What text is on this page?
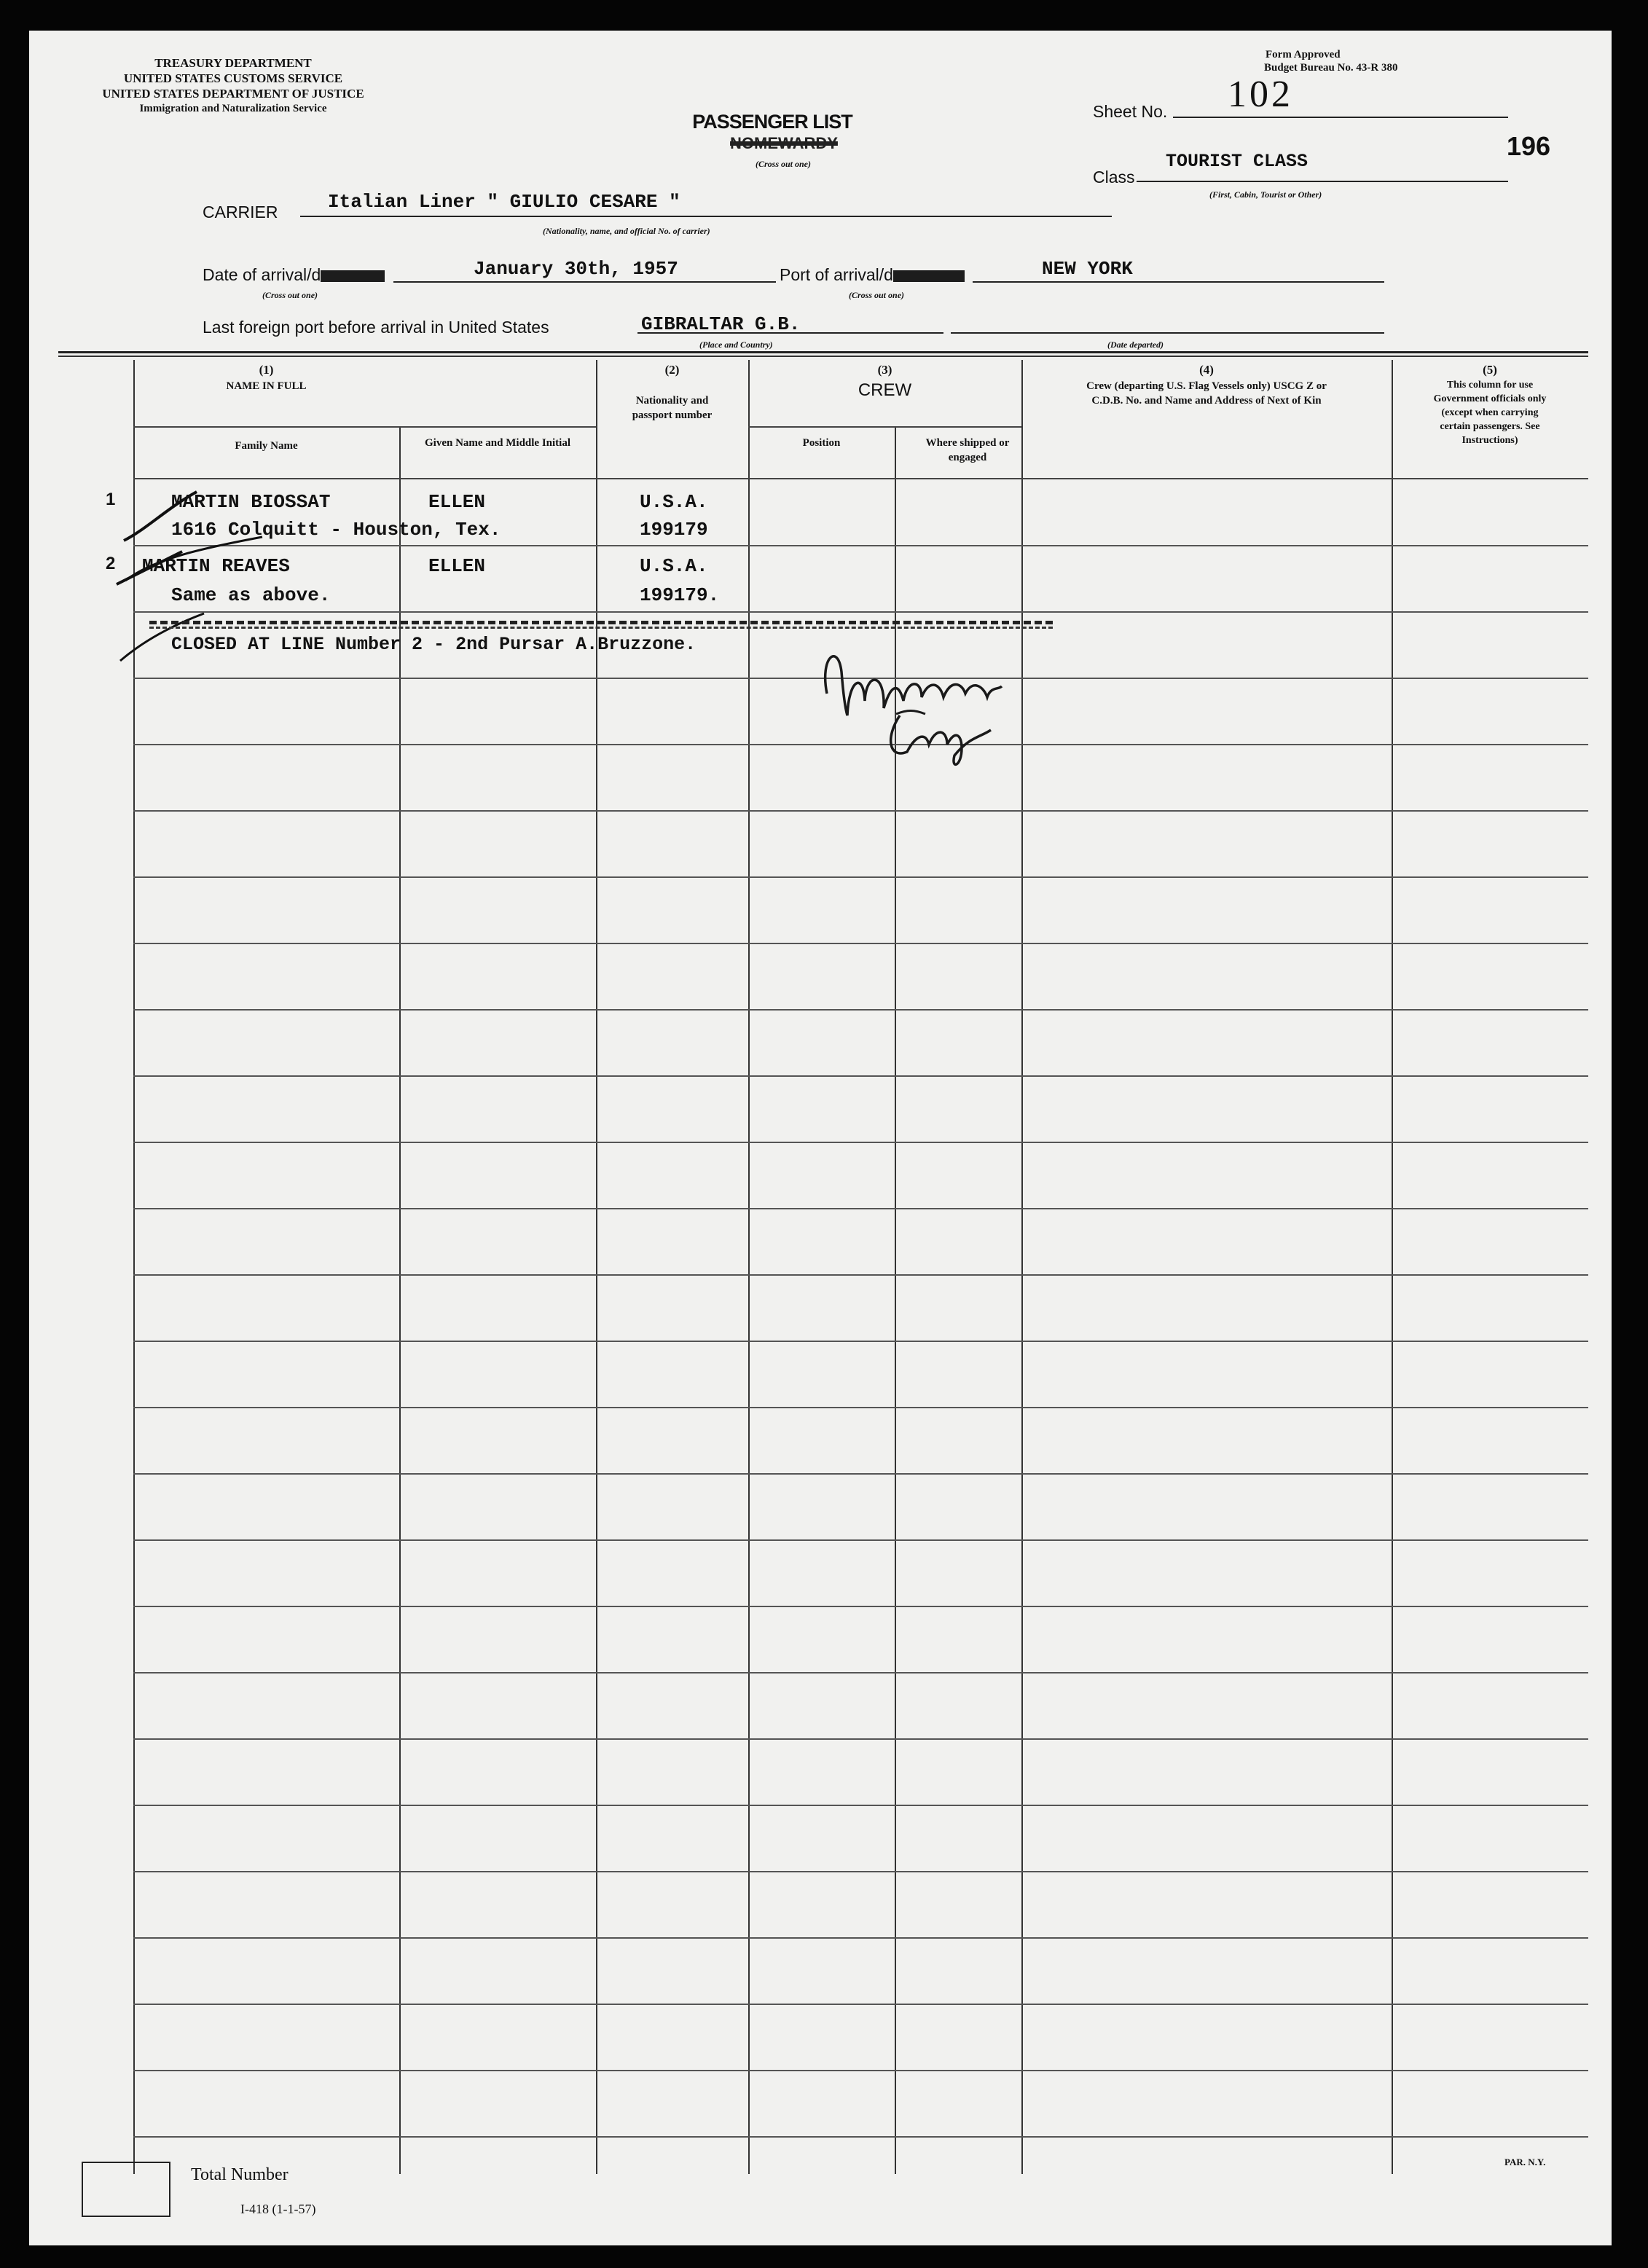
TREASURY DEPARTMENT
UNITED STATES CUSTOMS SERVICE
UNITED STATES DEPARTMENT OF JUSTICE
Immigration and Naturalization Service
PASSENGER LIST
NOMEWARDY
(Cross out one)
Form Approved
Budget Bureau No. 43-R 380
Sheet No. 102
196
Class
TOURIST CLASS
(First, Cabin, Tourist or Other)
CARRIER	Italian Liner " GIULIO CESARE "
(Nationality, name, and official No. of carrier)
Date of arrival/d	January 30th, 1957
(Cross out one)
Port of arrival/d	NEW YORK
(Cross out one)
Last foreign port before arrival in United States	GIBRALTAR G.B.
(Place and Country)	(Date departed)
(1)
NAME IN FULL
Family Name	Given Name and Middle Initial
(2)
Nationality and passport number
(3)
CREW
Position	Where shipped or engaged
(4)
Crew (departing U.S. Flag Vessels only) USCG Z or C.D.B. No. and Name and Address of Next of Kin
(5)
This column for use Government officials only (except when carrying certain passengers. See Instructions)
1	MARTIN BIOSSAT	ELLEN	U.S.A.
199179
1616 Colquitt - Houston, Tex.
2 MARTIN REAVES	ELLEN	U.S.A.
199179.
Same as above.
CLOSED AT LINE Number 2 - 2nd Pursar A.Bruzzone.
Total Number
I-418 (1-1-57)
PAR. N.Y.
